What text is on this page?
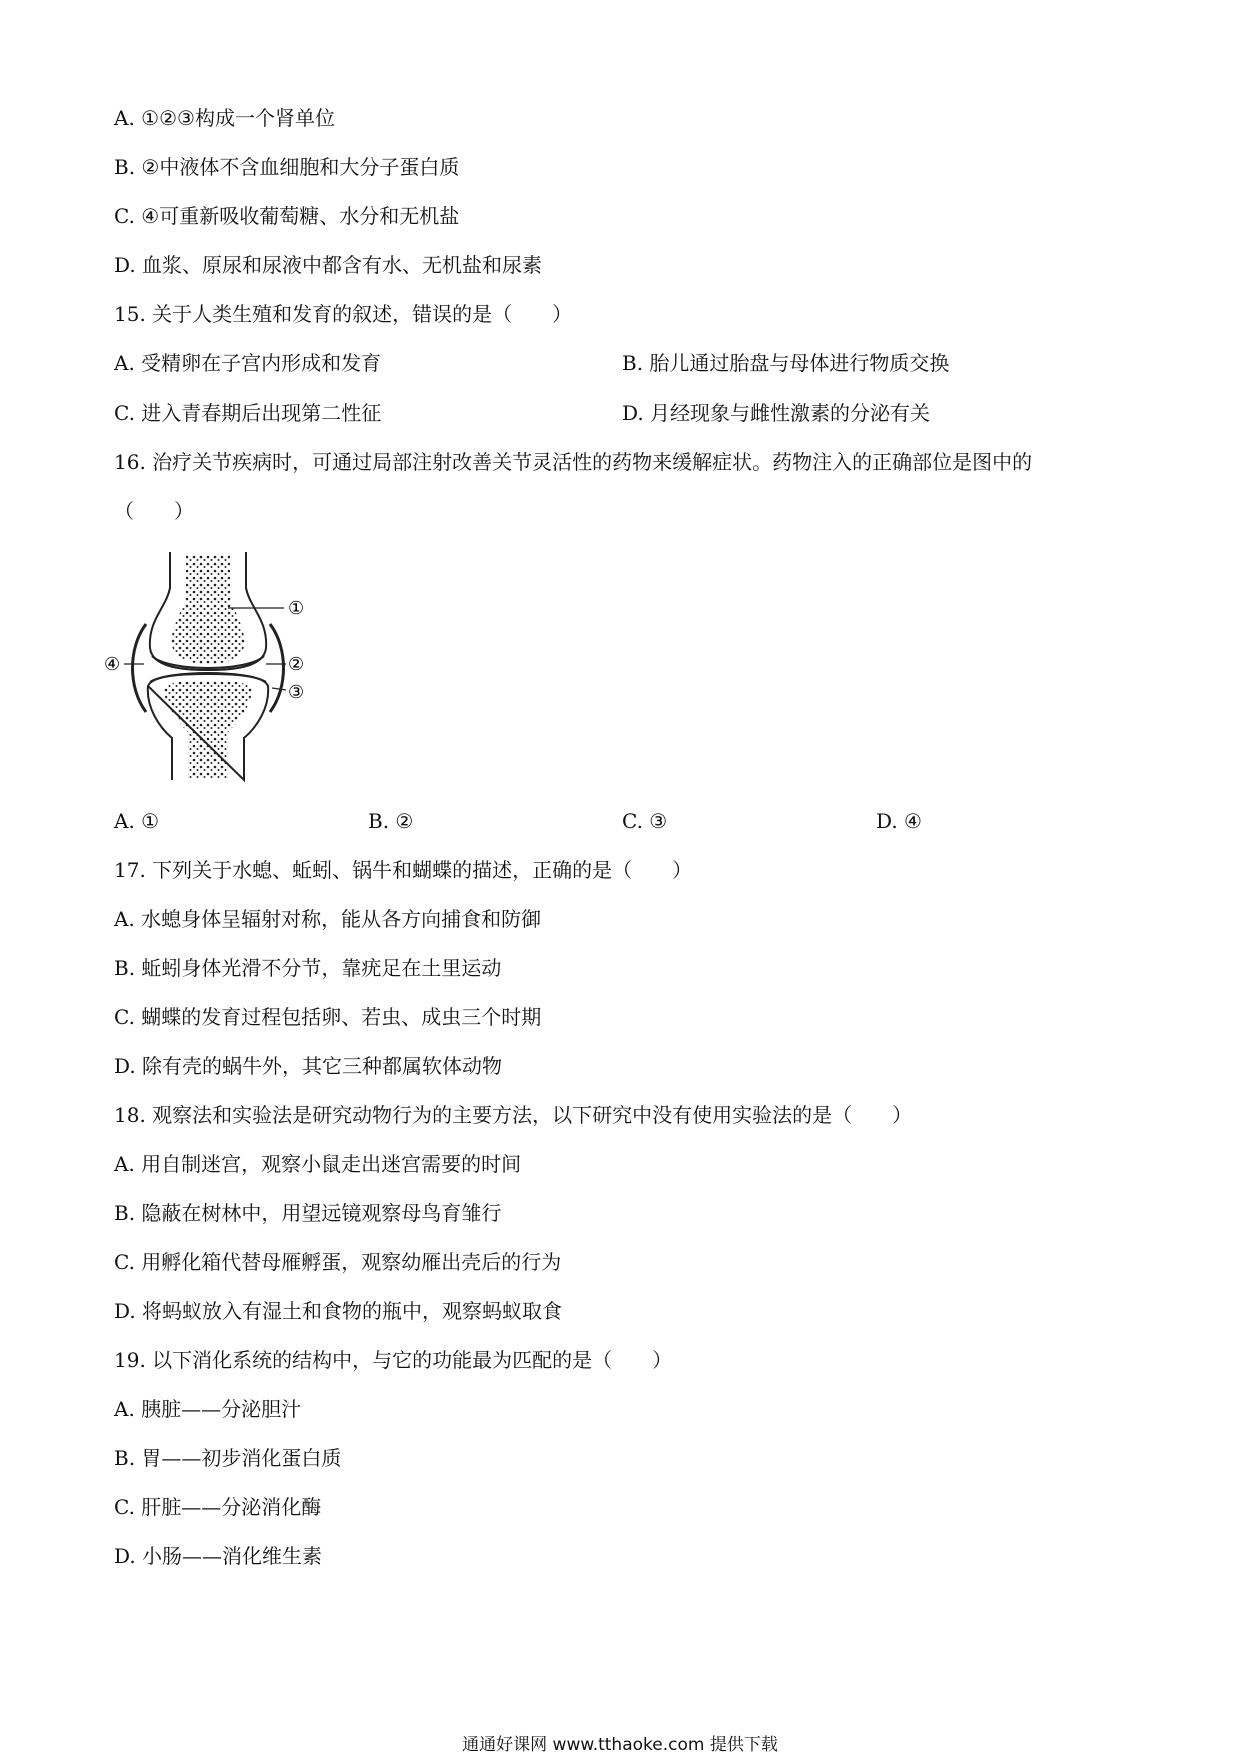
A. ①②③构成一个肾单位
B. ②中液体不含血细胞和大分子蛋白质
C. ④可重新吸收葡萄糖、水分和无机盐
D. 血浆、原尿和尿液中都含有水、无机盐和尿素
15. 关于人类生殖和发育的叙述，错误的是（　　）
A. 受精卵在子宫内形成和发育	B. 胎儿通过胎盘与母体进行物质交换
C. 进入青春期后出现第二性征	D. 月经现象与雌性激素的分泌有关
16. 治疗关节疾病时，可通过局部注射改善关节灵活性的药物来缓解症状。药物注入的正确部位是图中的
（　　）
①
②
③
④
A. ①	B. ②	C. ③	D. ④
17. 下列关于水螅、蚯蚓、锅牛和蝴蝶的描述，正确的是（　　）
A. 水螅身体呈辐射对称，能从各方向捕食和防御
B. 蚯蚓身体光滑不分节，靠疣足在土里运动
C. 蝴蝶的发育过程包括卵、若虫、成虫三个时期
D. 除有壳的蜗牛外，其它三种都属软体动物
18. 观察法和实验法是研究动物行为的主要方法，以下研究中没有使用实验法的是（　　）
A. 用自制迷宫，观察小鼠走出迷宫需要的时间
B. 隐蔽在树林中，用望远镜观察母鸟育雏行
C. 用孵化箱代替母雁孵蛋，观察幼雁出壳后的行为
D. 将蚂蚁放入有湿土和食物的瓶中，观察蚂蚁取食
19. 以下消化系统的结构中，与它的功能最为匹配的是（　　）
A. 胰脏——分泌胆汁
B. 胃——初步消化蛋白质
C. 肝脏——分泌消化酶
D. 小肠——消化维生素
通通好课网 www.tthaoke.com 提供下载
